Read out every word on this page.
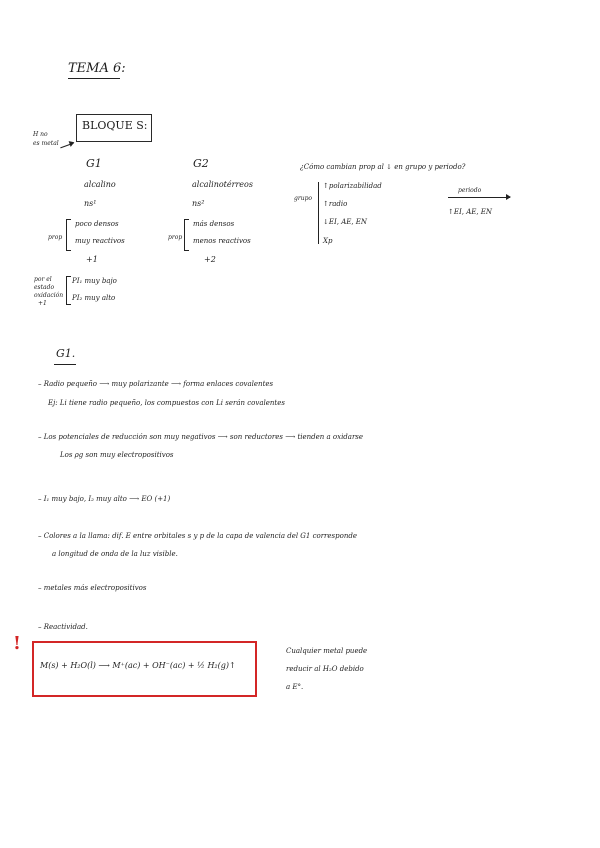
TEMA 6:
H no
es metal
BLOQUE S:
G1
alcalino
ns¹
prop
poco densos
muy reactivos
+1
G2
alcalinotérreos
ns²
prop
más densos
menos reactivos
+2
por el
estado
oxidación
+1
PI₁ muy bajo
PI₂ muy alto
¿Cómo cambian prop al ↓ en grupo y periodo?
grupo
↑polarizabilidad
↑radio
↓EI, AE, EN
Xp
periodo
↑EI, AE, EN
G1.
– Radio pequeño ⟶ muy polarizante ⟶ forma enlaces covalentes
Ej: Li tiene radio pequeño, los compuestos con Li serán covalentes
– Los potenciales de reducción son muy negativos ⟶ son reductores ⟶ tienden a oxidarse
Los ρg son muy electropositivos
– I₁ muy bajo, I₂ muy alto ⟶ EO (+1)
– Colores a la llama: dif. E entre orbitales s y p de la capa de valencia del G1 corresponde
a longitud de onda de la luz visible.
– metales más electropositivos
– Reactividad.
!
M(s) + H₂O(l) ⟶ M⁺(ac) + OH⁻(ac) + ½ H₂(g)↑
Cualquier metal puede
reducir al H₂O debido
a E°.
